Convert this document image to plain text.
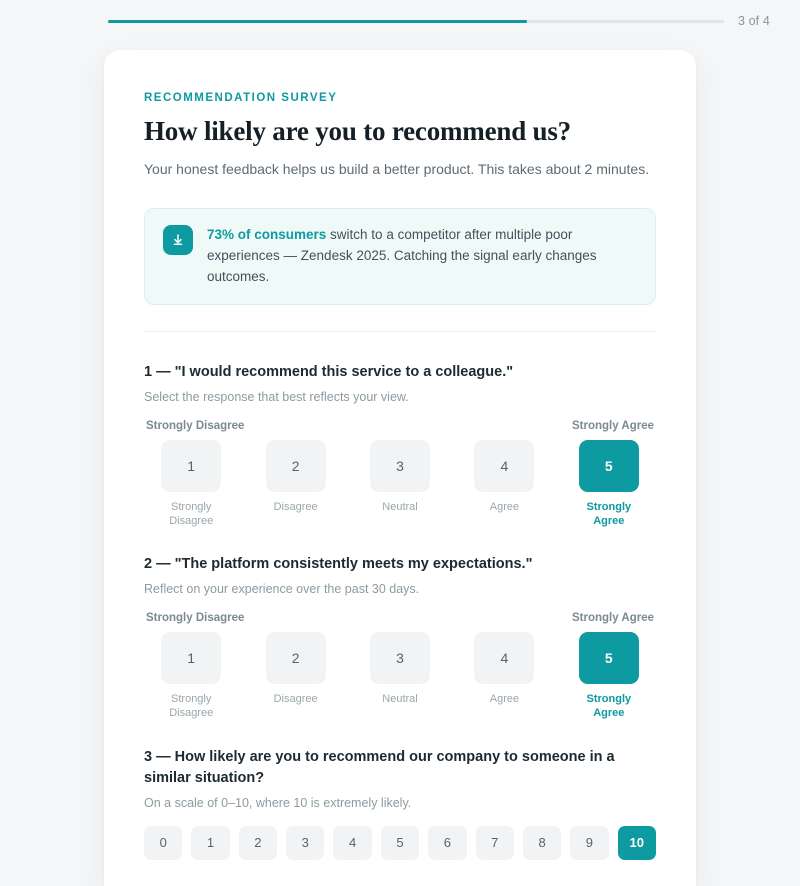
3 of 4
RECOMMENDATION SURVEY
How likely are you to recommend us?

Your honest feedback helps us build a better product. This takes about 2 minutes.

73% of consumers switch to a competitor after multiple poor experiences — Zendesk 2025. Catching the signal early changes outcomes.
1 — "I would recommend this service to a colleague."
Select the response that best reflects your view.
Strongly Disagree	Strongly Agree
1
Strongly Disagree
2
Disagree
3
Neutral
4
Agree
5
Strongly Agree
2 — "The platform consistently meets my expectations."
Reflect on your experience over the past 30 days.
Strongly Disagree	Strongly Agree
1
Strongly Disagree
2
Disagree
3
Neutral
4
Agree
5
Strongly Agree
3 — How likely are you to recommend our company to someone in a similar situation?
On a scale of 0–10, where 10 is extremely likely.
0	1	2	3	4	5	6	7	8	9	10
